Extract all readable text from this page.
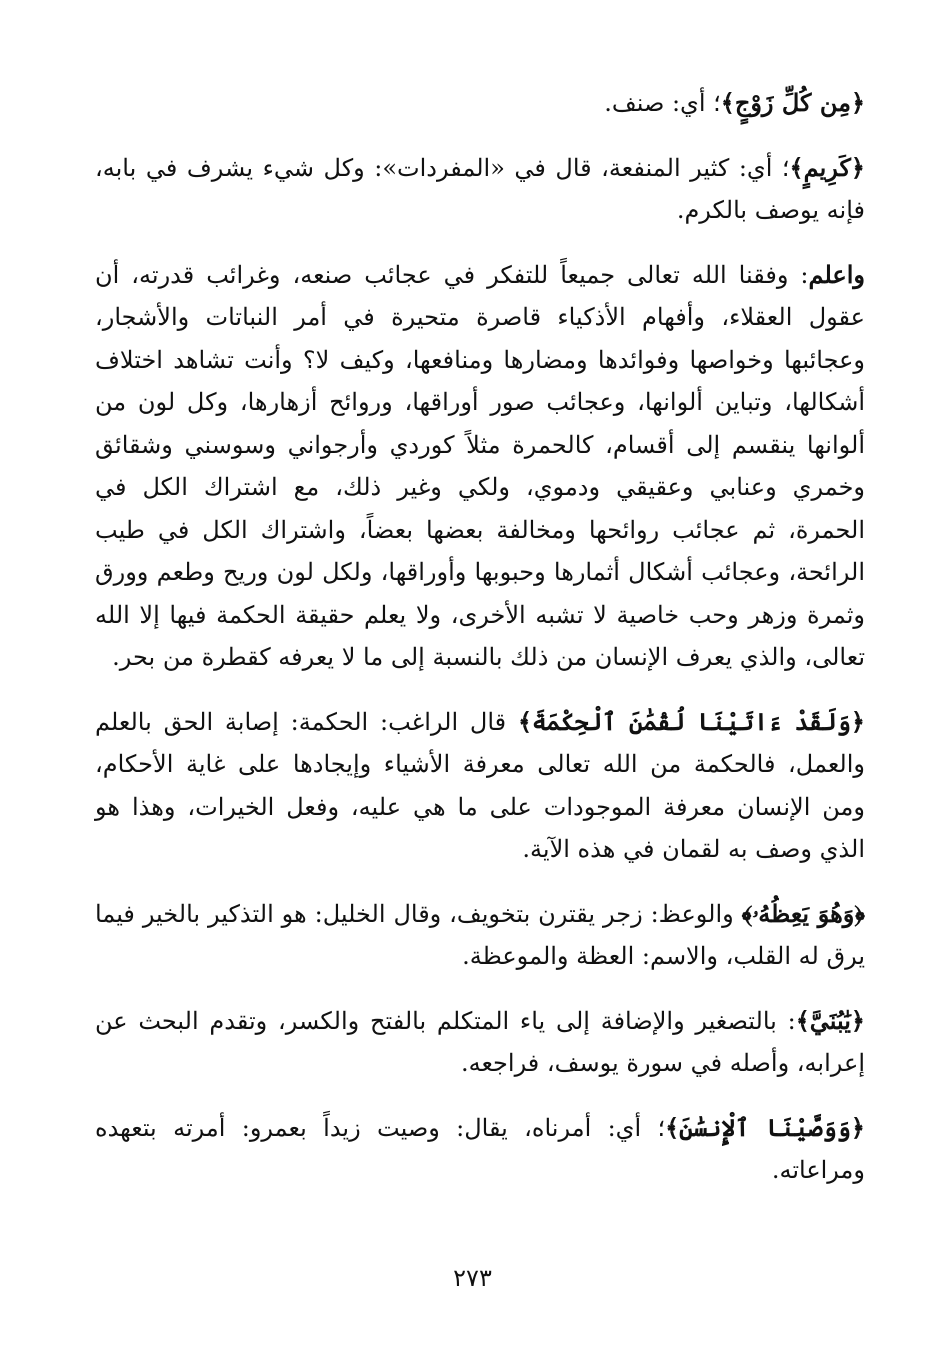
﴿مِن كُلِّ زَوْجٍ﴾؛ أي: صنف.

﴿كَرِيمٍ﴾؛ أي: كثير المنفعة، قال في «المفردات»: وكل شيء يشرف في بابه، فإنه يوصف بالكرم.

واعلم: وفقنا الله تعالى جميعاً للتفكر في عجائب صنعه، وغرائب قدرته، أن عقول العقلاء، وأفهام الأذكياء قاصرة متحيرة في أمر النباتات والأشجار، وعجائبها وخواصها وفوائدها ومضارها ومنافعها، وكيف لا؟ وأنت تشاهد اختلاف أشكالها، وتباين ألوانها، وعجائب صور أوراقها، وروائح أزهارها، وكل لون من ألوانها ينقسم إلى أقسام، كالحمرة مثلاً كوردي وأرجواني وسوسني وشقائق وخمري وعنابي وعقيقي ودموي، ولكي وغير ذلك، مع اشتراك الكل في الحمرة، ثم عجائب روائحها ومخالفة بعضها بعضاً، واشتراك الكل في طيب الرائحة، وعجائب أشكال أثمارها وحبوبها وأوراقها، ولكل لون وريح وطعم وورق وثمرة وزهر وحب خاصية لا تشبه الأخرى، ولا يعلم حقيقة الحكمة فيها إلا الله تعالى، والذي يعرف الإنسان من ذلك بالنسبة إلى ما لا يعرفه كقطرة من بحر.

﴿وَلَقَدْ ءَاتَيْنَا لُقْمَٰنَ ٱلْحِكْمَةَ﴾ قال الراغب: الحكمة: إصابة الحق بالعلم والعمل، فالحكمة من الله تعالى معرفة الأشياء وإيجادها على غاية الأحكام، ومن الإنسان معرفة الموجودات على ما هي عليه، وفعل الخيرات، وهذا هو الذي وصف به لقمان في هذه الآية.

﴿وَهُوَ يَعِظُهُۥ﴾ والوعظ: زجر يقترن بتخويف، وقال الخليل: هو التذكير بالخير فيما يرق له القلب، والاسم: العظة والموعظة.

﴿يَٰبُنَيَّ﴾: بالتصغير والإضافة إلى ياء المتكلم بالفتح والكسر، وتقدم البحث عن إعرابه، وأصله في سورة يوسف، فراجعه.

﴿وَوَصَّيْنَا ٱلْإِنسَٰنَ﴾؛ أي: أمرناه، يقال: وصيت زيداً بعمرو: أمرته بتعهده ومراعاته.

٢٧٣
